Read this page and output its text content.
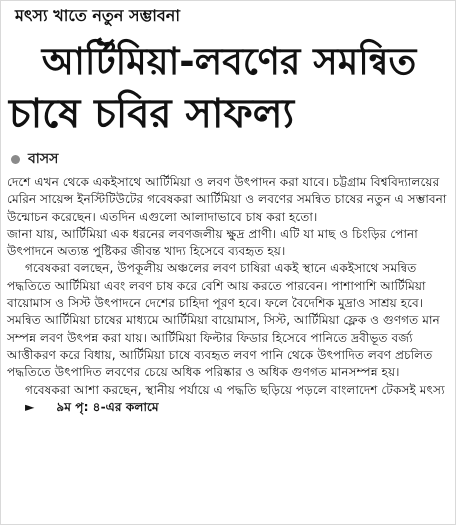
মৎস্য খাতে নতুন সম্ভাবনা
আর্টিমিয়া-লবণের সমন্বিত
চাষে চবির সাফল্য
বাসস

দেশে এখন থেকে একইসাথে আর্টিমিয়া ও লবণ উৎপাদন করা যাবে। চট্টগ্রাম বিশ্ববিদ্যালয়ের মেরিন সায়েন্স ইনস্টিটিউটের গবেষকরা আর্টিমিয়া ও লবণের সমন্বিত চাষের নতুন এ সম্ভাবনা উন্মোচন করেছেন। এতদিন এগুলো আলাদাভাবে চাষ করা হতো।

জানা যায়, আর্টিমিয়া এক ধরনের লবণজলীয় ক্ষুদ্র প্রাণী। এটি যা মাছ ও চিংড়ির পোনা উৎপাদনে অত্যন্ত পুষ্টিকর জীবন্ত খাদ্য হিসেবে ব্যবহৃত হয়।

গবেষকরা বলছেন, উপকূলীয় অঞ্চলের লবণ চাষিরা একই স্থানে একইসাথে সমন্বিত পদ্ধতিতে আর্টিমিয়া এবং লবণ চাষ করে বেশি আয় করতে পারবেন। পাশাপাশি আর্টিমিয়া বায়োমাস ও সিস্ট উৎপাদনে দেশের চাহিদা পূরণ হবে। ফলে বৈদেশিক মুদ্রাও সাশ্রয় হবে। সমন্বিত আর্টিমিয়া চাষের মাধ্যমে আর্টিমিয়া বায়োমাস, সিস্ট, আর্টিমিয়া ফ্লেক ও গুণগত মান সম্পন্ন লবণ উৎপন্ন করা যায়। আর্টিমিয়া ফিল্টার ফিডার হিসেবে পানিতে দ্রবীভূত বর্জ্য আত্তীকরণ করে বিধায়, আর্টিমিয়া চাষে ব্যবহৃত লবণ পানি থেকে উৎপাদিত লবণ প্রচলিত পদ্ধতিতে উৎপাদিত লবণের চেয়ে অধিক পরিষ্কার ও অধিক গুণগত মানসম্পন্ন হয়।

গবেষকরা আশা করছেন, স্থানীয় পর্যায়ে এ পদ্ধতি ছড়িয়ে পড়লে বাংলাদেশ টেকসই মৎস্য
►	৯ম পৃ: ৪-এর কলামে
